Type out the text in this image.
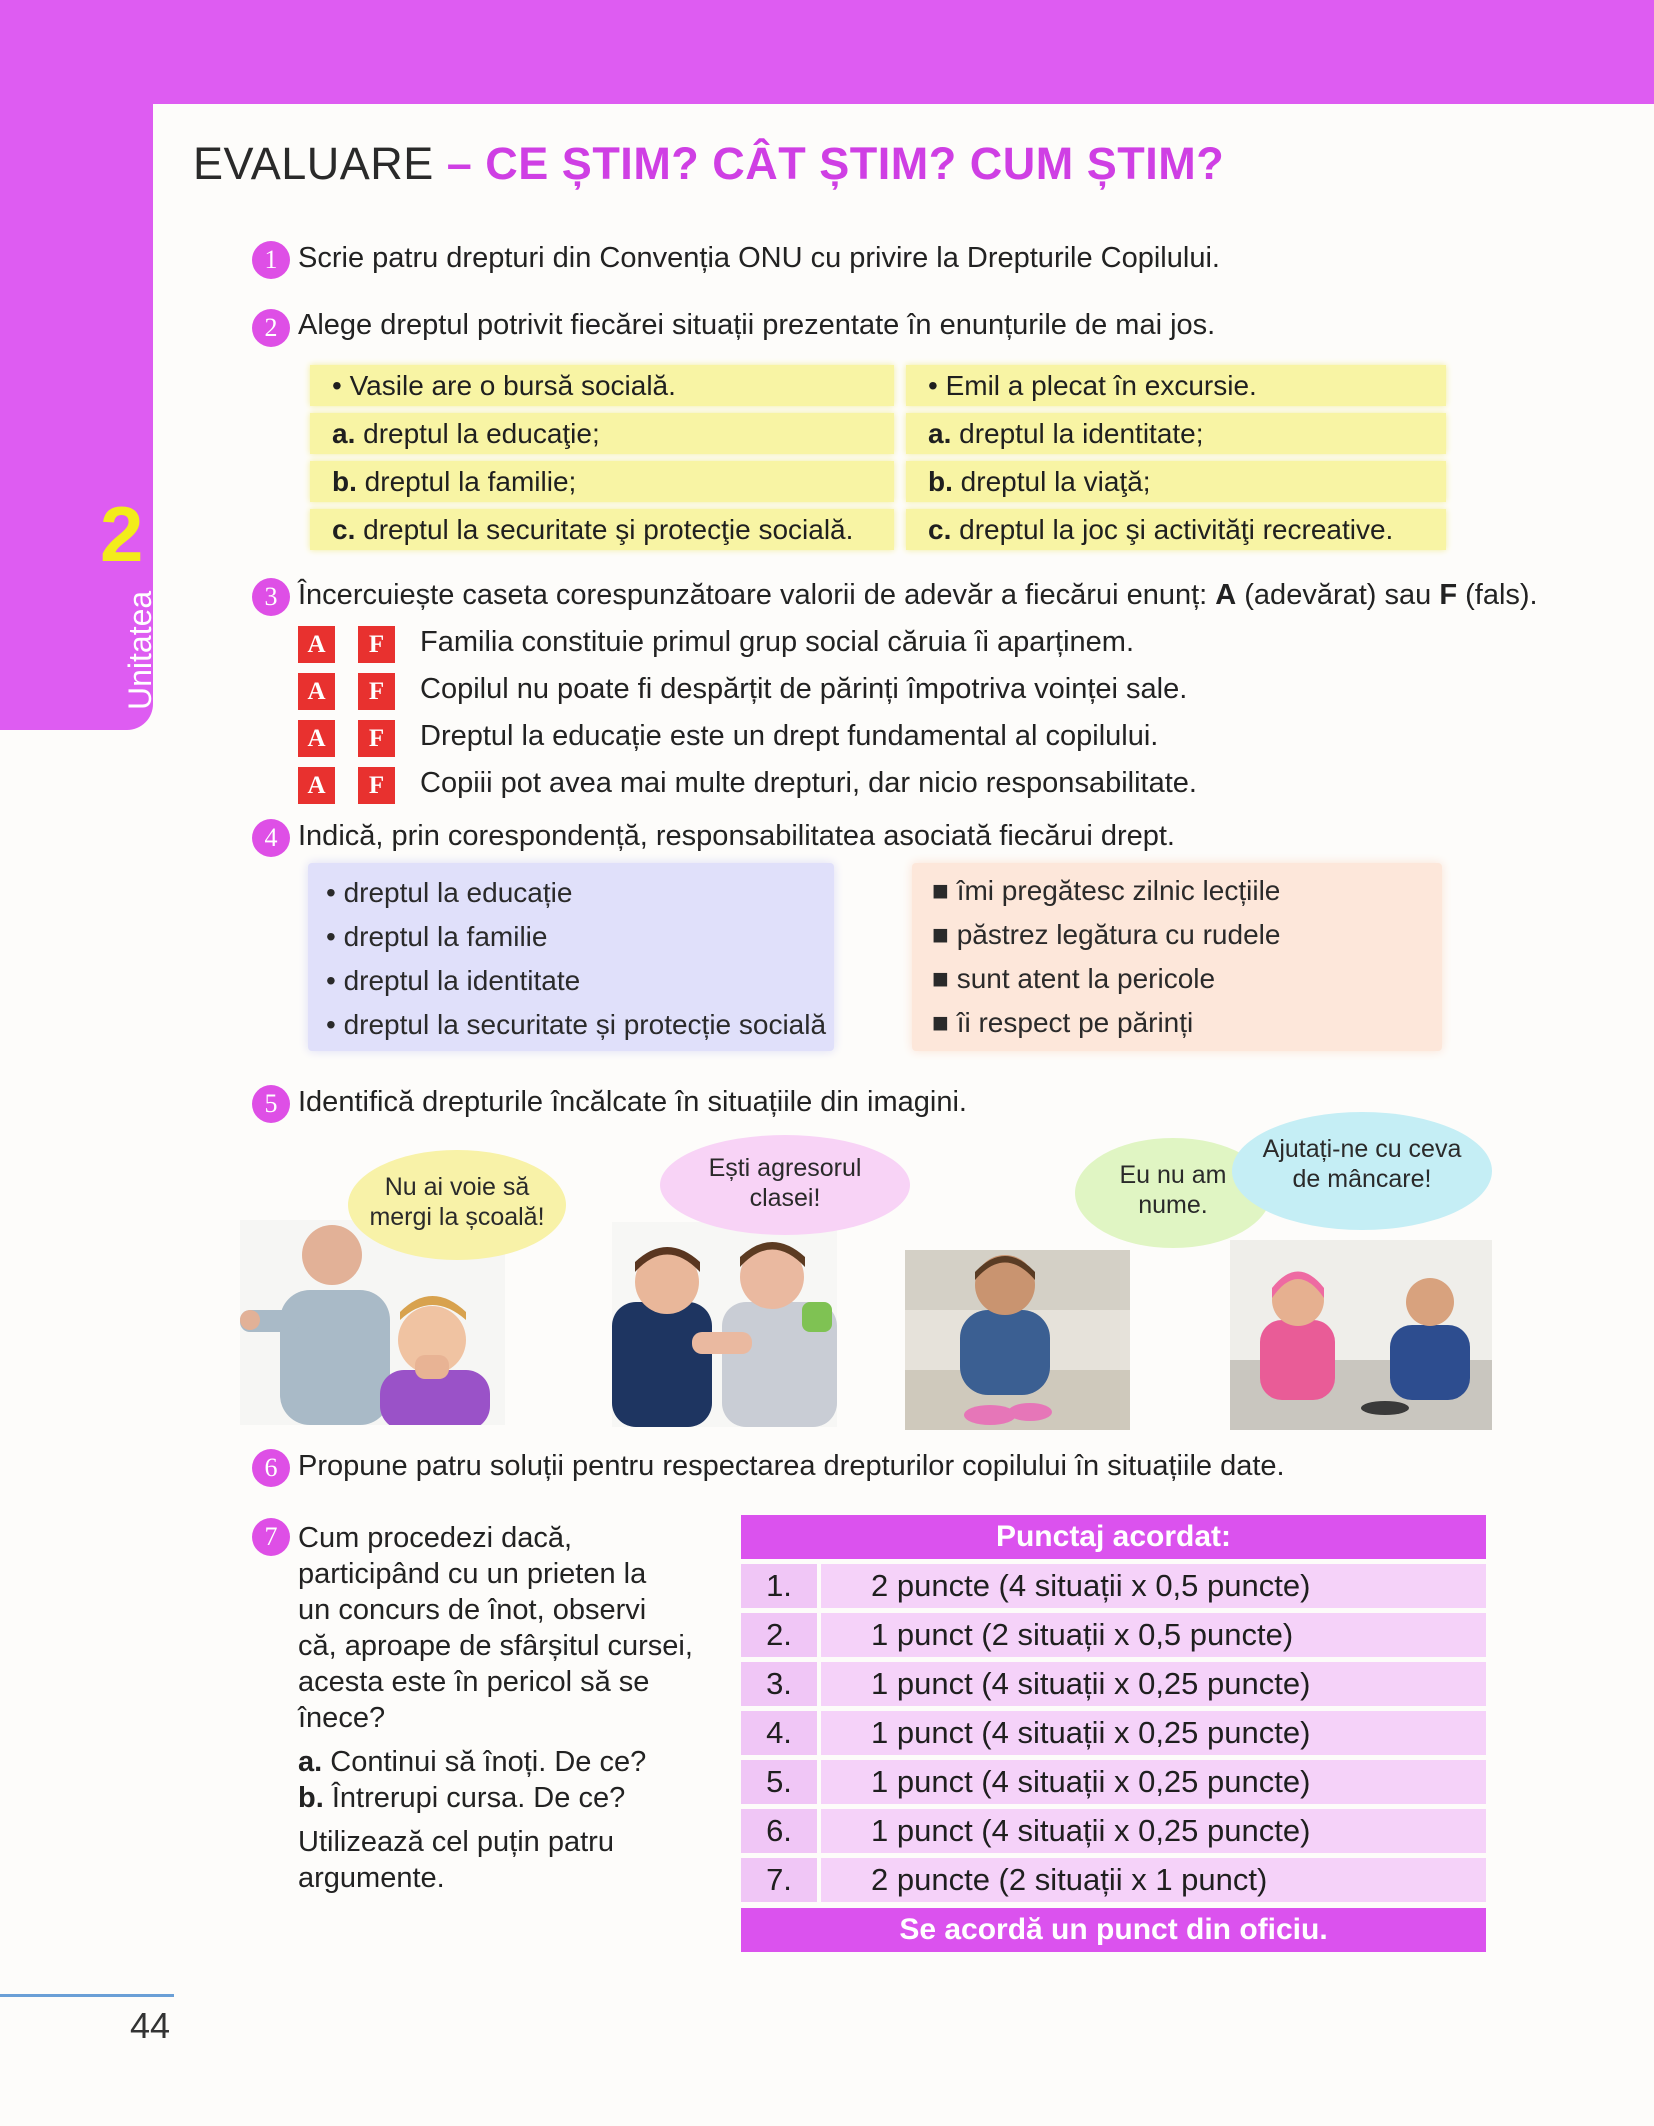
2
Unitatea
EVALUARE – CE ȘTIM? CÂT ȘTIM? CUM ȘTIM?
1 Scrie patru drepturi din Convenția ONU cu privire la Drepturile Copilului.
2 Alege dreptul potrivit fiecărei situații prezentate în enunțurile de mai jos.
• Vasile are o bursă socială.
a. dreptul la educaţie;
b. dreptul la familie;
c. dreptul la securitate şi protecţie socială.
• Emil a plecat în excursie.
a. dreptul la identitate;
b. dreptul la viaţă;
c. dreptul la joc şi activităţi recreative.
3 Încercuiește caseta corespunzătoare valorii de adevăr a fiecărui enunț: A (adevărat) sau F (fals).
A	F	Familia constituie primul grup social căruia îi aparținem.
A	F	Copilul nu poate fi despărțit de părinți împotriva voinței sale.
A	F	Dreptul la educație este un drept fundamental al copilului.
A	F	Copiii pot avea mai multe drepturi, dar nicio responsabilitate.
4 Indică, prin corespondență, responsabilitatea asociată fiecărui drept.
• dreptul la educație
• dreptul la familie
• dreptul la identitate
• dreptul la securitate și protecție socială
■ îmi pregătesc zilnic lecțiile
■ păstrez legătura cu rudele
■ sunt atent la pericole
■ îi respect pe părinți
5 Identifică drepturile încălcate în situațiile din imagini.
Nu ai voie să
mergi la școală!
Ești agresorul
clasei!
Eu nu am
nume.
Ajutați-ne cu ceva
de mâncare!
6 Propune patru soluții pentru respectarea drepturilor copilului în situațiile date.
7 Cum procedezi dacă,
participând cu un prieten la
un concurs de înot, observi
că, aproape de sfârșitul cursei,
acesta este în pericol să se
înece?
a. Continui să înoți. De ce?
b. Întrerupi cursa. De ce?
Utilizează cel puțin patru
argumente.
Punctaj acordat:
1.	2 puncte (4 situații x 0,5 puncte)
2.	1 punct (2 situații x 0,5 puncte)
3.	1 punct (4 situații x 0,25 puncte)
4.	1 punct (4 situații x 0,25 puncte)
5.	1 punct (4 situații x 0,25 puncte)
6.	1 punct (4 situații x 0,25 puncte)
7.	2 puncte (2 situații x 1 punct)
Se acordă un punct din oficiu.
44
